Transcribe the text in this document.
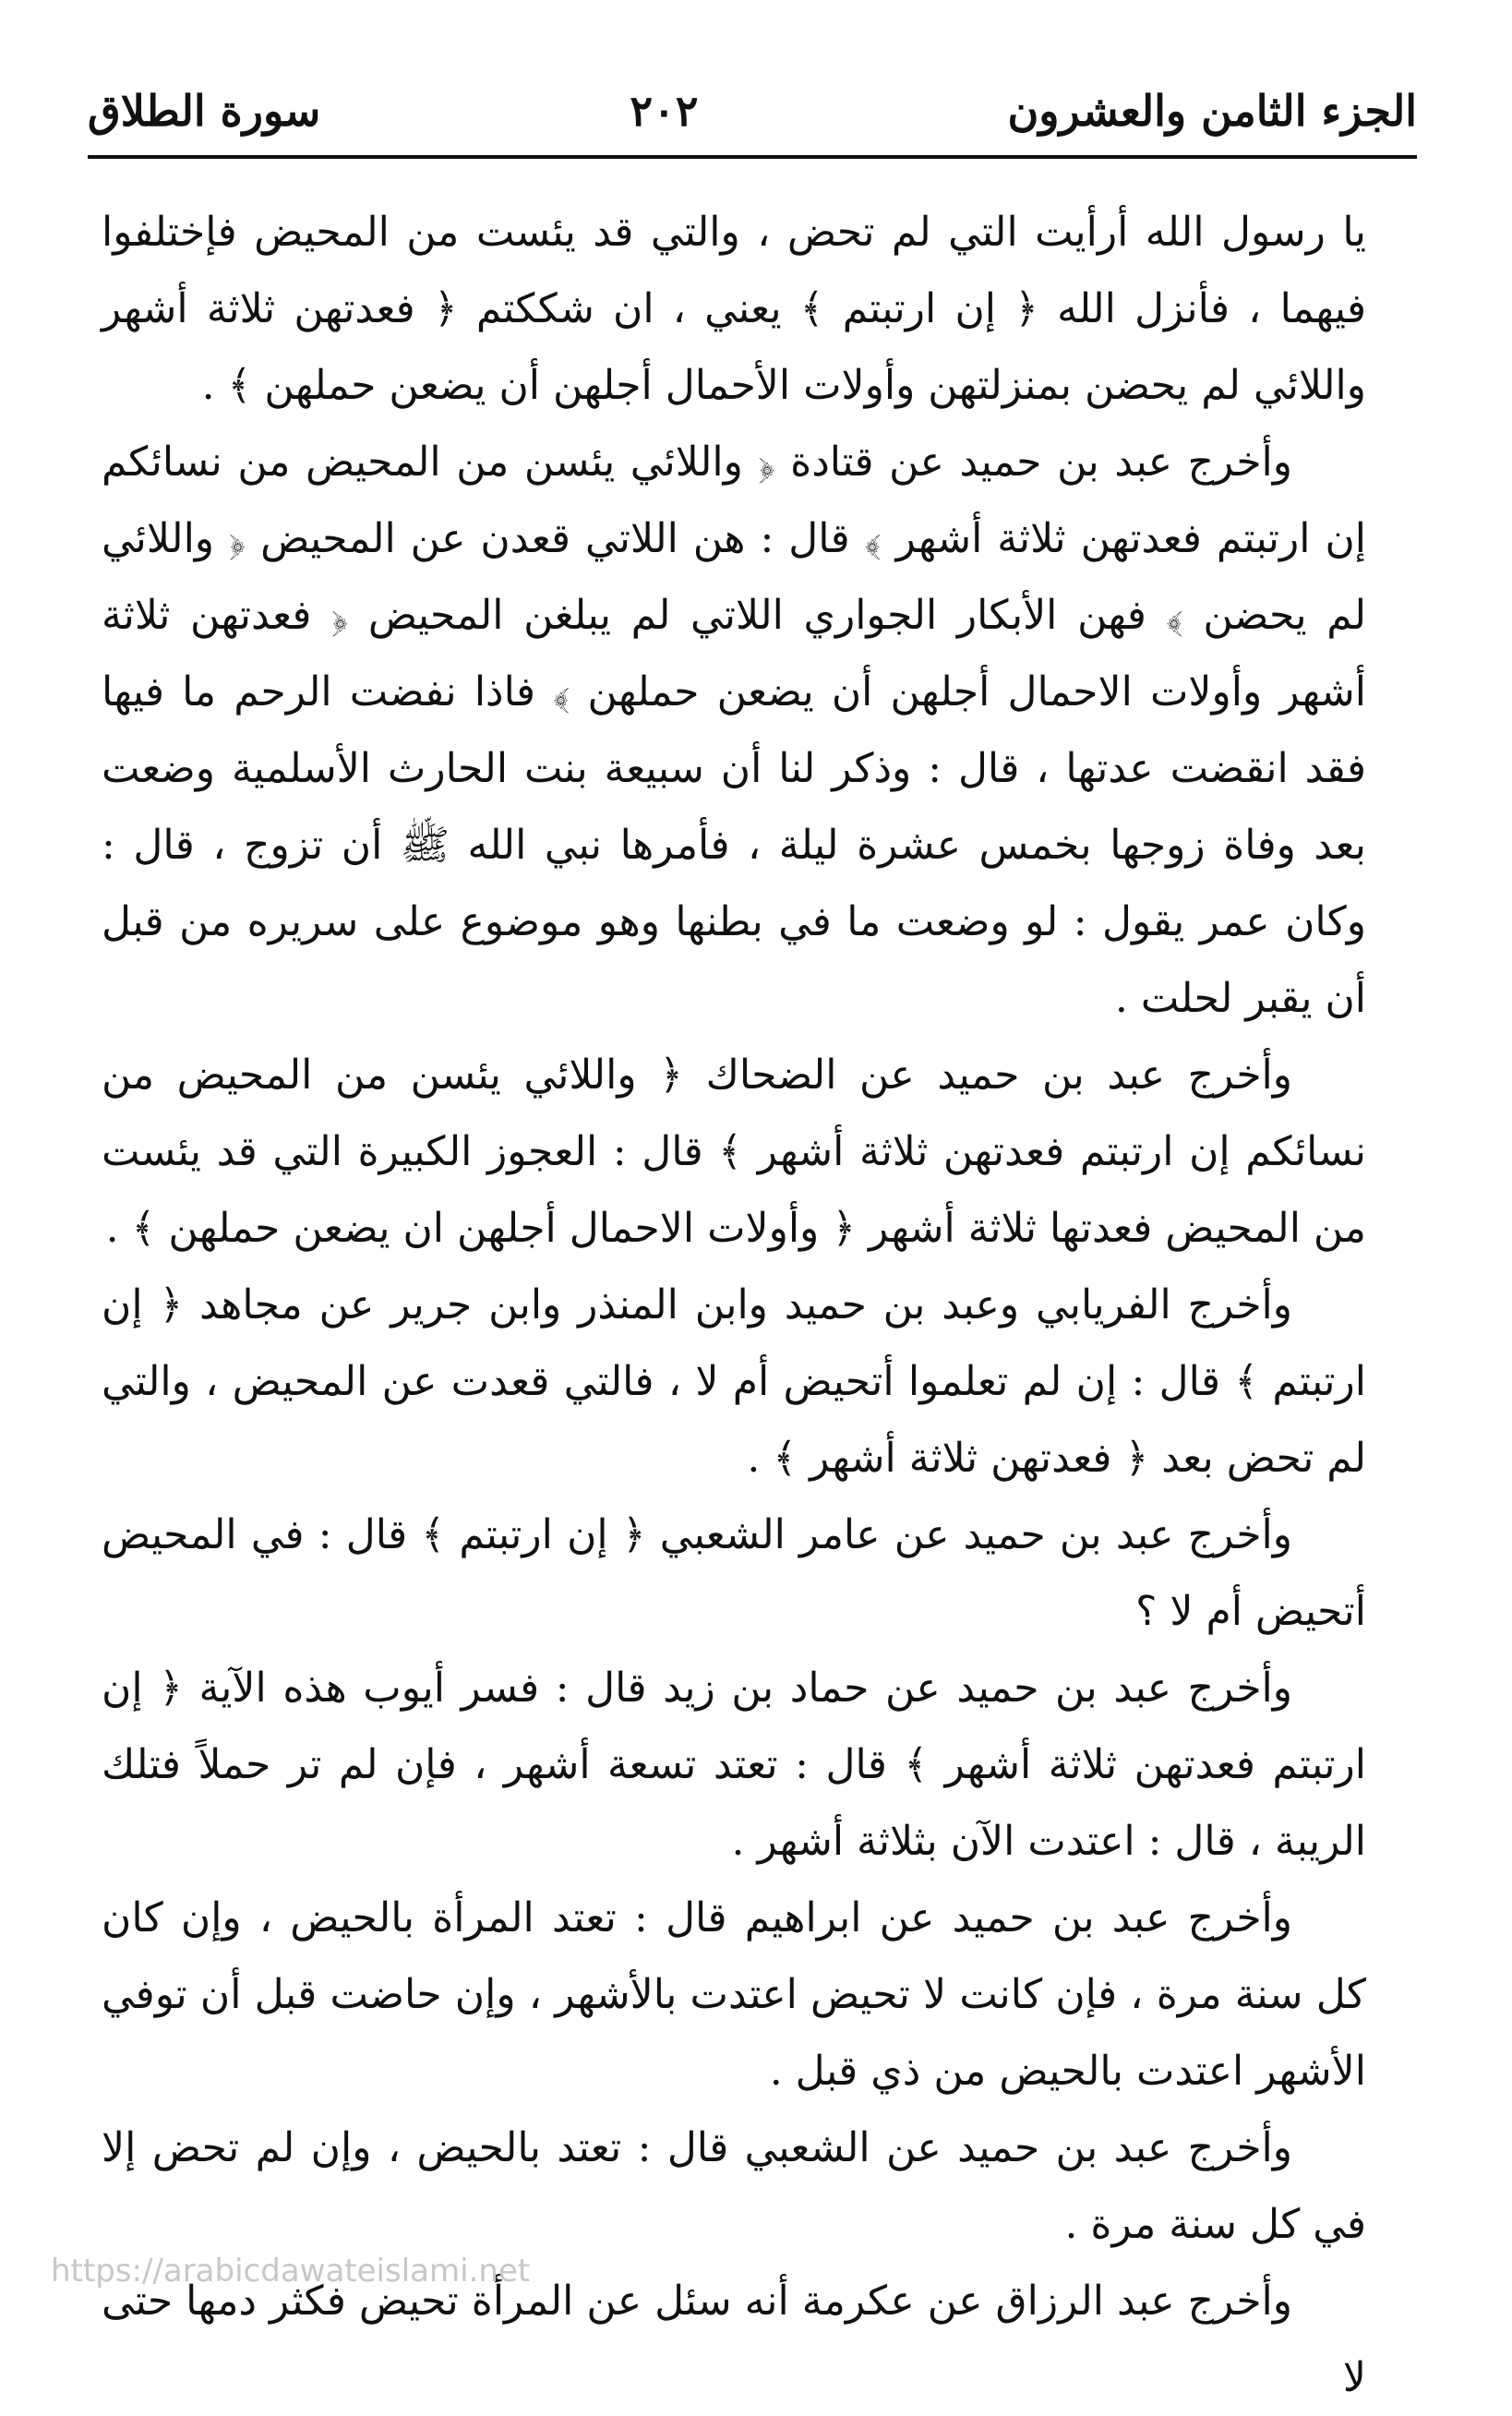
الجزء الثامن والعشرون
٢٠٢
سورة الطلاق

يا رسول الله أرأيت التي لم تحض ، والتي قد يئست من المحيض فإختلفوا فيهما ، فأنزل الله ﴿ إن ارتبتم ﴾ يعني ، ان شككتم ﴿ فعدتهن ثلاثة أشهر واللائي لم يحضن بمنزلتهن وأولات الأحمال أجلهن أن يضعن حملهن ﴾ .

وأخرج عبد بن حميد عن قتادة ﴿ واللائي يئسن من المحيض من نسائكم إن ارتبتم فعدتهن ثلاثة أشهر ﴾ قال : هن اللاتي قعدن عن المحيض ﴿ واللائي لم يحضن ﴾ فهن الأبكار الجواري اللاتي لم يبلغن المحيض ﴿ فعدتهن ثلاثة أشهر وأولات الاحمال أجلهن أن يضعن حملهن ﴾ فاذا نفضت الرحم ما فيها فقد انقضت عدتها ، قال : وذكر لنا أن سبيعة بنت الحارث الأسلمية وضعت بعد وفاة زوجها بخمس عشرة ليلة ، فأمرها نبي الله ﷺ أن تزوج ، قال : وكان عمر يقول : لو وضعت ما في بطنها وهو موضوع على سريره من قبل أن يقبر لحلت .

وأخرج عبد بن حميد عن الضحاك ﴿ واللائي يئسن من المحيض من نسائكم إن ارتبتم فعدتهن ثلاثة أشهر ﴾ قال : العجوز الكبيرة التي قد يئست من المحيض فعدتها ثلاثة أشهر ﴿ وأولات الاحمال أجلهن ان يضعن حملهن ﴾ .

وأخرج الفريابي وعبد بن حميد وابن المنذر وابن جرير عن مجاهد ﴿ إن ارتبتم ﴾ قال : إن لم تعلموا أتحيض أم لا ، فالتي قعدت عن المحيض ، والتي لم تحض بعد ﴿ فعدتهن ثلاثة أشهر ﴾ .

وأخرج عبد بن حميد عن عامر الشعبي ﴿ إن ارتبتم ﴾ قال : في المحيض أتحيض أم لا ؟

وأخرج عبد بن حميد عن حماد بن زيد قال : فسر أيوب هذه الآية ﴿ إن ارتبتم فعدتهن ثلاثة أشهر ﴾ قال : تعتد تسعة أشهر ، فإن لم تر حملاً فتلك الريبة ، قال : اعتدت الآن بثلاثة أشهر .

وأخرج عبد بن حميد عن ابراهيم قال : تعتد المرأة بالحيض ، وإن كان كل سنة مرة ، فإن كانت لا تحيض اعتدت بالأشهر ، وإن حاضت قبل أن توفي الأشهر اعتدت بالحيض من ذي قبل .

وأخرج عبد بن حميد عن الشعبي قال : تعتد بالحيض ، وإن لم تحض إلا في كل سنة مرة .

وأخرج عبد الرزاق عن عكرمة أنه سئل عن المرأة تحيض فكثر دمها حتى لا

https://arabicdawateislami.net
